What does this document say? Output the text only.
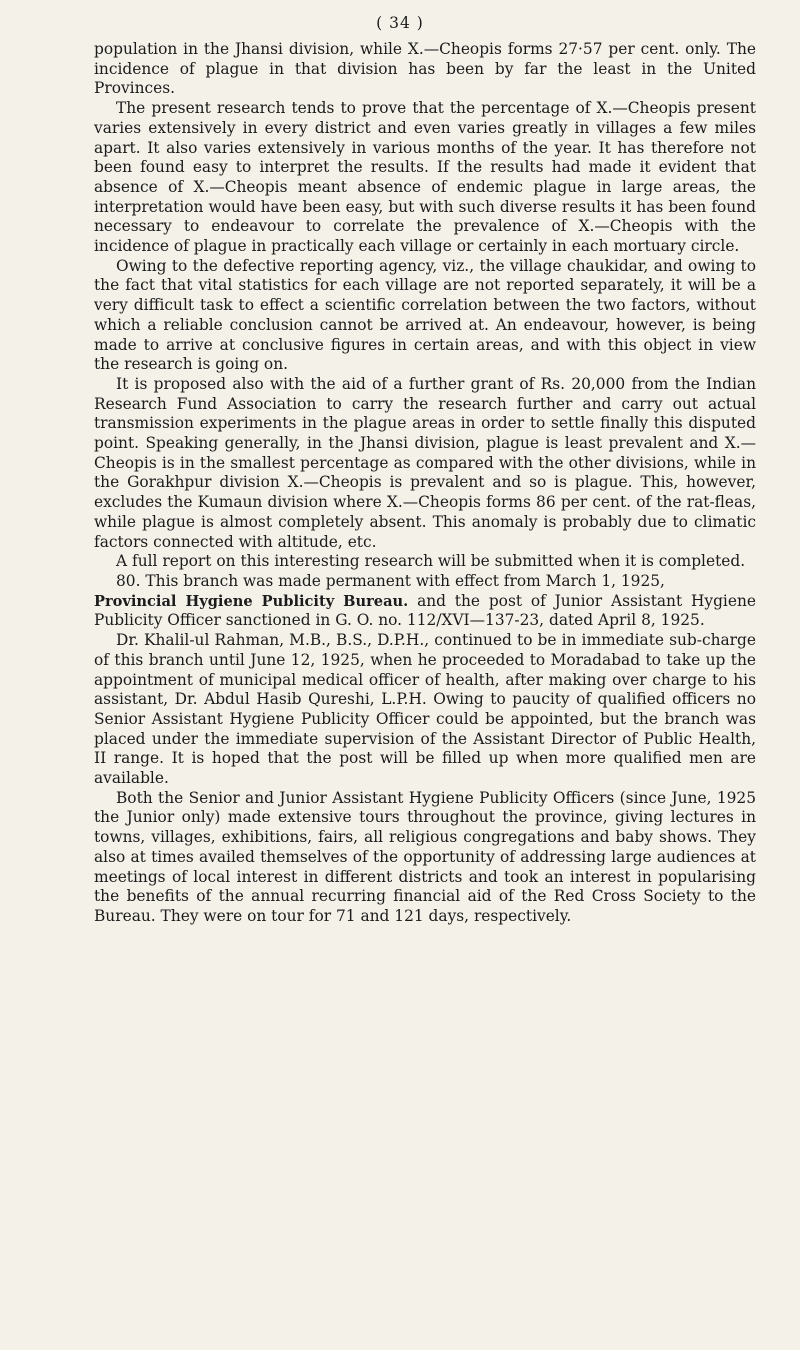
( 34 )

population in the Jhansi division, while X.—Cheopis forms 27·57 per cent. only. The incidence of plague in that division has been by far the least in the United Provinces.

The present research tends to prove that the percentage of X.—Cheopis present varies extensively in every district and even varies greatly in villages a few miles apart. It also varies extensively in various months of the year. It has therefore not been found easy to interpret the results. If the results had made it evident that absence of X.—Cheopis meant absence of endemic plague in large areas, the interpretation would have been easy, but with such diverse results it has been found necessary to endeavour to correlate the prevalence of X.—Cheopis with the incidence of plague in practically each village or certainly in each mortuary circle.

Owing to the defective reporting agency, viz., the village chaukidar, and owing to the fact that vital statistics for each village are not reported separately, it will be a very difficult task to effect a scientific correlation between the two factors, without which a reliable conclusion cannot be arrived at. An endeavour, however, is being made to arrive at conclusive figures in certain areas, and with this object in view the research is going on.

It is proposed also with the aid of a further grant of Rs. 20,000 from the Indian Research Fund Association to carry the research further and carry out actual transmission experiments in the plague areas in order to settle finally this disputed point. Speaking generally, in the Jhansi division, plague is least prevalent and X.—Cheopis is in the smallest percentage as compared with the other divisions, while in the Gorakhpur division X.—Cheopis is prevalent and so is plague. This, however, excludes the Kumaun division where X.—Cheopis forms 86 per cent. of the rat-fleas, while plague is almost completely absent. This anomaly is probably due to climatic factors connected with altitude, etc.

A full report on this interesting research will be submitted when it is completed.

80. This branch was made permanent with effect from March 1, 1925,

Provincial Hygiene Publicity Bureau. and the post of Junior Assistant Hygiene Publicity Officer sanctioned in G. O. no. 112/XVI—137-23, dated April 8, 1925.

Dr. Khalil-ul Rahman, M.B., B.S., D.P.H., continued to be in immediate sub-charge of this branch until June 12, 1925, when he proceeded to Moradabad to take up the appointment of municipal medical officer of health, after making over charge to his assistant, Dr. Abdul Hasib Qureshi, L.P.H. Owing to paucity of qualified officers no Senior Assistant Hygiene Publicity Officer could be appointed, but the branch was placed under the immediate supervision of the Assistant Director of Public Health, II range. It is hoped that the post will be filled up when more qualified men are available.

Both the Senior and Junior Assistant Hygiene Publicity Officers (since June, 1925 the Junior only) made extensive tours throughout the province, giving lectures in towns, villages, exhibitions, fairs, all religious congregations and baby shows. They also at times availed themselves of the opportunity of addressing large audiences at meetings of local interest in different districts and took an interest in popularising the benefits of the annual recurring financial aid of the Red Cross Society to the Bureau. They were on tour for 71 and 121 days, respectively.
